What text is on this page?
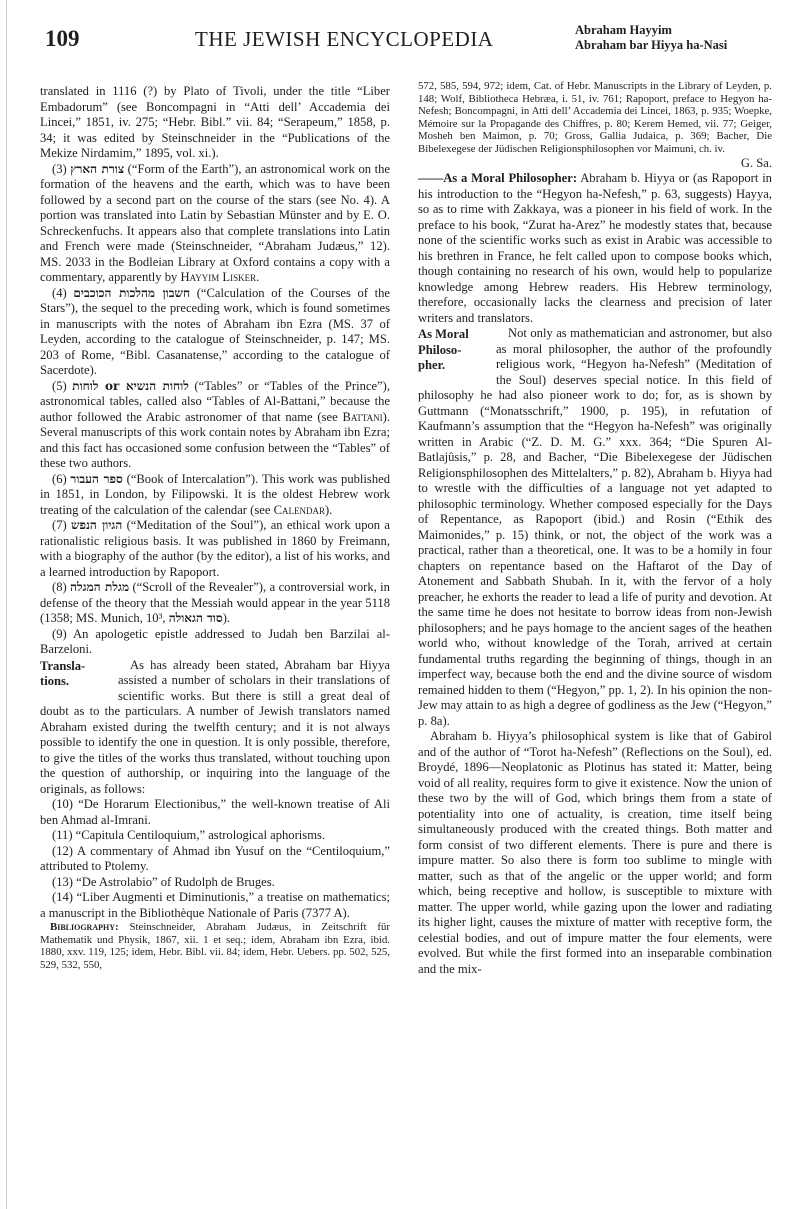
109	THE JEWISH ENCYCLOPEDIA	Abraham Hayyim
Abraham bar Hiyya ha-Nasi

translated in 1116 (?) by Plato of Tivoli, under the title “Liber Embadorum” (see Boncompagni in “Atti dell’ Accademia dei Lincei,” 1851, iv. 275; “Hebr. Bibl.” vii. 84; “Serapeum,” 1858, p. 34; it was edited by Steinschneider in the “Publications of the Mekize Nirdamim,” 1895, vol. xi.).

(3) צורת הארץ (“Form of the Earth”), an astronomical work on the formation of the heavens and the earth, which was to have been followed by a second part on the course of the stars (see No. 4). A portion was translated into Latin by Sebastian Münster and by E. O. Schreckenfuchs. It appears also that complete translations into Latin and French were made (Steinschneider, “Abraham Judæus,” 12). MS. 2033 in the Bodleian Library at Oxford contains a copy with a commentary, apparently by Hayyim Lisker.

(4) חשבון מהלכות הכוכבים (“Calculation of the Courses of the Stars”), the sequel to the preceding work, which is found sometimes in manuscripts with the notes of Abraham ibn Ezra (MS. 37 of Leyden, according to the catalogue of Steinschneider, p. 147; MS. 203 of Rome, “Bibl. Casanatense,” according to the catalogue of Sacerdote).

(5) לוחות or לוחות הנשיא (“Tables” or “Tables of the Prince”), astronomical tables, called also “Tables of Al-Battani,” because the author followed the Arabic astronomer of that name (see Battani). Several manuscripts of this work contain notes by Abraham ibn Ezra; and this fact has occasioned some confusion between the “Tables” of these two authors.

(6) ספר העבור (“Book of Intercalation”). This work was published in 1851, in London, by Filipowski. It is the oldest Hebrew work treating of the calculation of the calendar (see Calendar).

(7) הגיון הנפש (“Meditation of the Soul”), an ethical work upon a rationalistic religious basis. It was published in 1860 by Freimann, with a biography of the author (by the editor), a list of his works, and a learned introduction by Rapoport.

(8) מגלת המגלה (“Scroll of the Revealer”), a controversial work, in defense of the theory that the Messiah would appear in the year 5118 (1358; MS. Munich, 10³, סוד הגאולה).

(9) An apologetic epistle addressed to Judah ben Barzilai al-Barzeloni.

Transla-
tions.
As has already been stated, Abraham bar Hiyya assisted a number of scholars in their translations of scientific works. But there is still a great deal of doubt as to the particulars. A number of Jewish translators named Abraham existed during the twelfth century; and it is not always possible to identify the one in question. It is only possible, therefore, to give the titles of the works thus translated, without touching upon the question of authorship, or inquiring into the language of the originals, as follows:

(10) “De Horarum Electionibus,” the well-known treatise of Ali ben Ahmad al-Imrani.

(11) “Capitula Centiloquium,” astrological aphorisms.

(12) A commentary of Ahmad ibn Yusuf on the “Centiloquium,” attributed to Ptolemy.

(13) “De Astrolabio” of Rudolph de Bruges.

(14) “Liber Augmenti et Diminutionis,” a treatise on mathematics; a manuscript in the Bibliothèque Nationale of Paris (7377 A).

Bibliography: Steinschneider, Abraham Judæus, in Zeitschrift für Mathematik und Physik, 1867, xii. 1 et seq.; idem, Abraham ibn Ezra, ibid. 1880, xxv. 119, 125; idem, Hebr. Bibl. vii. 84; idem, Hebr. Uebers. pp. 502, 525, 529, 532, 550,

572, 585, 594, 972; idem, Cat. of Hebr. Manuscripts in the Library of Leyden, p. 148; Wolf, Bibliotheca Hebræa, i. 51, iv. 761; Rapoport, preface to Hegyon ha-Nefesh; Boncompagni, in Atti dell’ Accademia dei Lincei, 1863, p. 935; Woepke, Mémoire sur la Propagande des Chiffres, p. 80; Kerem Hemed, vii. 77; Geiger, Mosheh ben Maimon, p. 70; Gross, Gallia Judaica, p. 369; Bacher, Die Bibelexegese der Jüdischen Religionsphilosophen vor Maimuni, ch. iv.

G. Sa.

——As a Moral Philosopher: Abraham b. Hiyya or (as Rapoport in his introduction to the “Hegyon ha-Nefesh,” p. 63, suggests) Hayya, so as to rime with Zakkaya, was a pioneer in his field of work. In the preface to his book, “Zurat ha-Arez” he modestly states that, because none of the scientific works such as exist in Arabic was accessible to his brethren in France, he felt called upon to compose books which, though containing no research of his own, would help to popularize knowledge among Hebrew readers. His Hebrew terminology, therefore, occasionally lacks the clearness and precision of later writers and translators.

As Moral
Philoso-
pher.
Not only as mathematician and astronomer, but also as moral philosopher, the author of the profoundly religious work, “Hegyon ha-Nefesh” (Meditation of the Soul) deserves special notice. In this field of philosophy he had also pioneer work to do; for, as is shown by Guttmann (“Monatsschrift,” 1900, p. 195), in refutation of Kaufmann’s assumption that the “Hegyon ha-Nefesh” was originally written in Arabic (“Z. D. M. G.” xxx. 364; “Die Spuren Al-Batlajûsis,” p. 28, and Bacher, “Die Bibelexegese der Jüdischen Religionsphilosophen des Mittelalters,” p. 82), Abraham b. Hiyya had to wrestle with the difficulties of a language not yet adapted to philosophic terminology. Whether composed especially for the Days of Repentance, as Rapoport (ibid.) and Rosin (“Ethik des Maimonides,” p. 15) think, or not, the object of the work was a practical, rather than a theoretical, one. It was to be a homily in four chapters on repentance based on the Haftarot of the Day of Atonement and Sabbath Shubah. In it, with the fervor of a holy preacher, he exhorts the reader to lead a life of purity and devotion. At the same time he does not hesitate to borrow ideas from non-Jewish philosophers; and he pays homage to the ancient sages of the heathen world who, without knowledge of the Torah, arrived at certain fundamental truths regarding the beginning of things, though in an imperfect way, because both the end and the divine source of wisdom remained hidden to them (“Hegyon,” pp. 1, 2). In his opinion the non-Jew may attain to as high a degree of godliness as the Jew (“Hegyon,” p. 8a).

Abraham b. Hiyya’s philosophical system is like that of Gabirol and of the author of “Torot ha-Nefesh” (Reflections on the Soul), ed. Broydé, 1896—Neoplatonic as Plotinus has stated it: Matter, being void of all reality, requires form to give it existence. Now the union of these two by the will of God, which brings them from a state of potentiality into one of actuality, is creation, time itself being simultaneously produced with the created things. Both matter and form consist of two different elements. There is pure and there is impure matter. So also there is form too sublime to mingle with matter, such as that of the angelic or the upper world; and form which, being receptive and hollow, is susceptible to mixture with matter. The upper world, while gazing upon the lower and radiating its higher light, causes the mixture of matter with receptive form, the celestial bodies, and out of impure matter the four elements, were evolved. But while the first formed into an inseparable combination and the mix-
